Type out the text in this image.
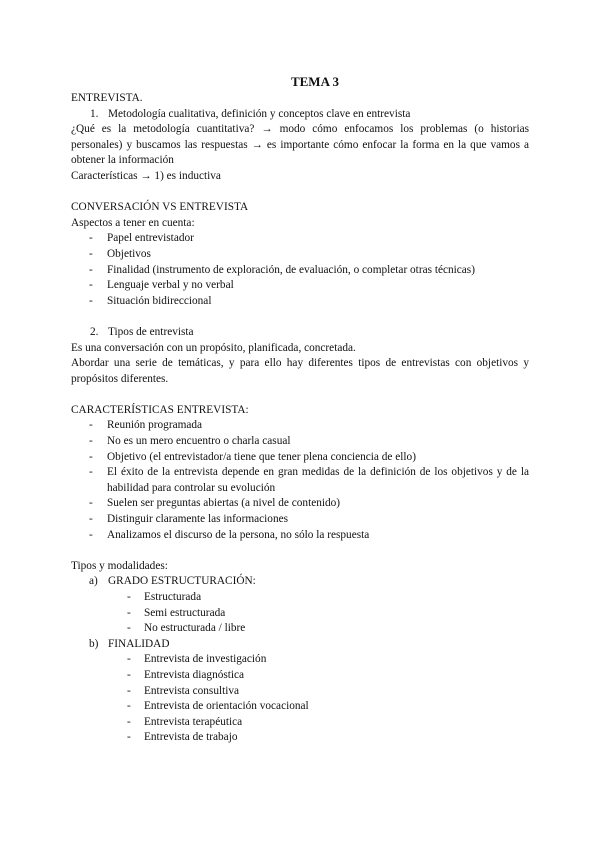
TEMA 3
ENTREVISTA.
1. Metodología cualitativa, definición y conceptos clave en entrevista
¿Qué es la metodología cuantitativa? → modo cómo enfocamos los problemas (o historias personales) y buscamos las respuestas → es importante cómo enfocar la forma en la que vamos a obtener la información
Características → 1) es inductiva
CONVERSACIÓN VS ENTREVISTA
Aspectos a tener en cuenta:
- Papel entrevistador
- Objetivos
- Finalidad (instrumento de exploración, de evaluación, o completar otras técnicas)
- Lenguaje verbal y no verbal
- Situación bidireccional
2. Tipos de entrevista
Es una conversación con un propósito, planificada, concretada.
Abordar una serie de temáticas, y para ello hay diferentes tipos de entrevistas con objetivos y propósitos diferentes.
CARACTERÍSTICAS ENTREVISTA:
- Reunión programada
- No es un mero encuentro o charla casual
- Objetivo (el entrevistador/a tiene que tener plena conciencia de ello)
- El éxito de la entrevista depende en gran medidas de la definición de los objetivos y de la habilidad para controlar su evolución
- Suelen ser preguntas abiertas (a nivel de contenido)
- Distinguir claramente las informaciones
- Analizamos el discurso de la persona, no sólo la respuesta
Tipos y modalidades:
a) GRADO ESTRUCTURACIÓN:
- Estructurada
- Semi estructurada
- No estructurada / libre
b) FINALIDAD
- Entrevista de investigación
- Entrevista diagnóstica
- Entrevista consultiva
- Entrevista de orientación vocacional
- Entrevista terapéutica
- Entrevista de trabajo
